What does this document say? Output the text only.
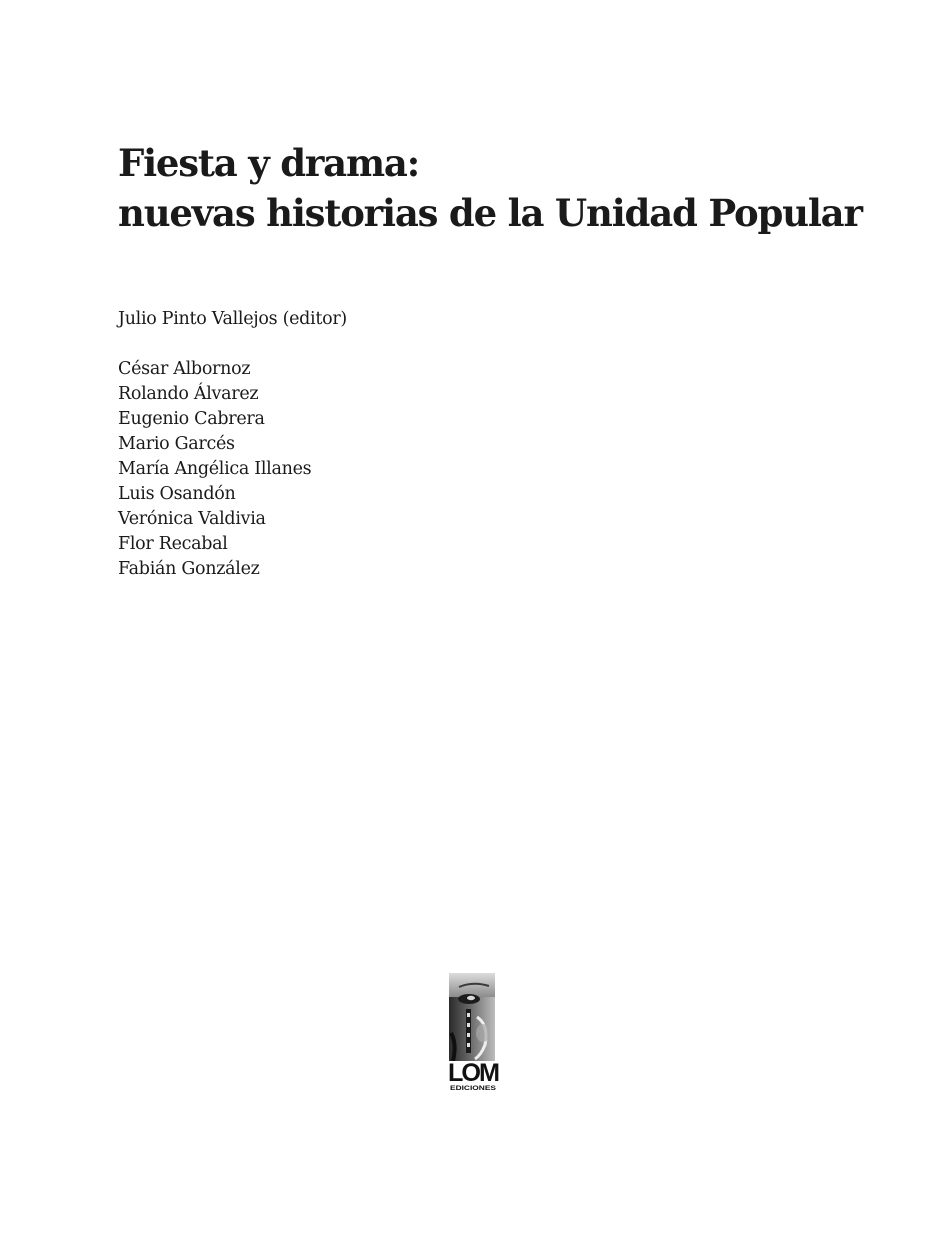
Fiesta y drama:
nuevas historias de la Unidad Popular
Julio Pinto Vallejos (editor)
César Albornoz
Rolando Álvarez
Eugenio Cabrera
Mario Garcés
María Angélica Illanes
Luis Osandón
Verónica Valdivia
Flor Recabal
Fabián González
LOM
EDICIONES
